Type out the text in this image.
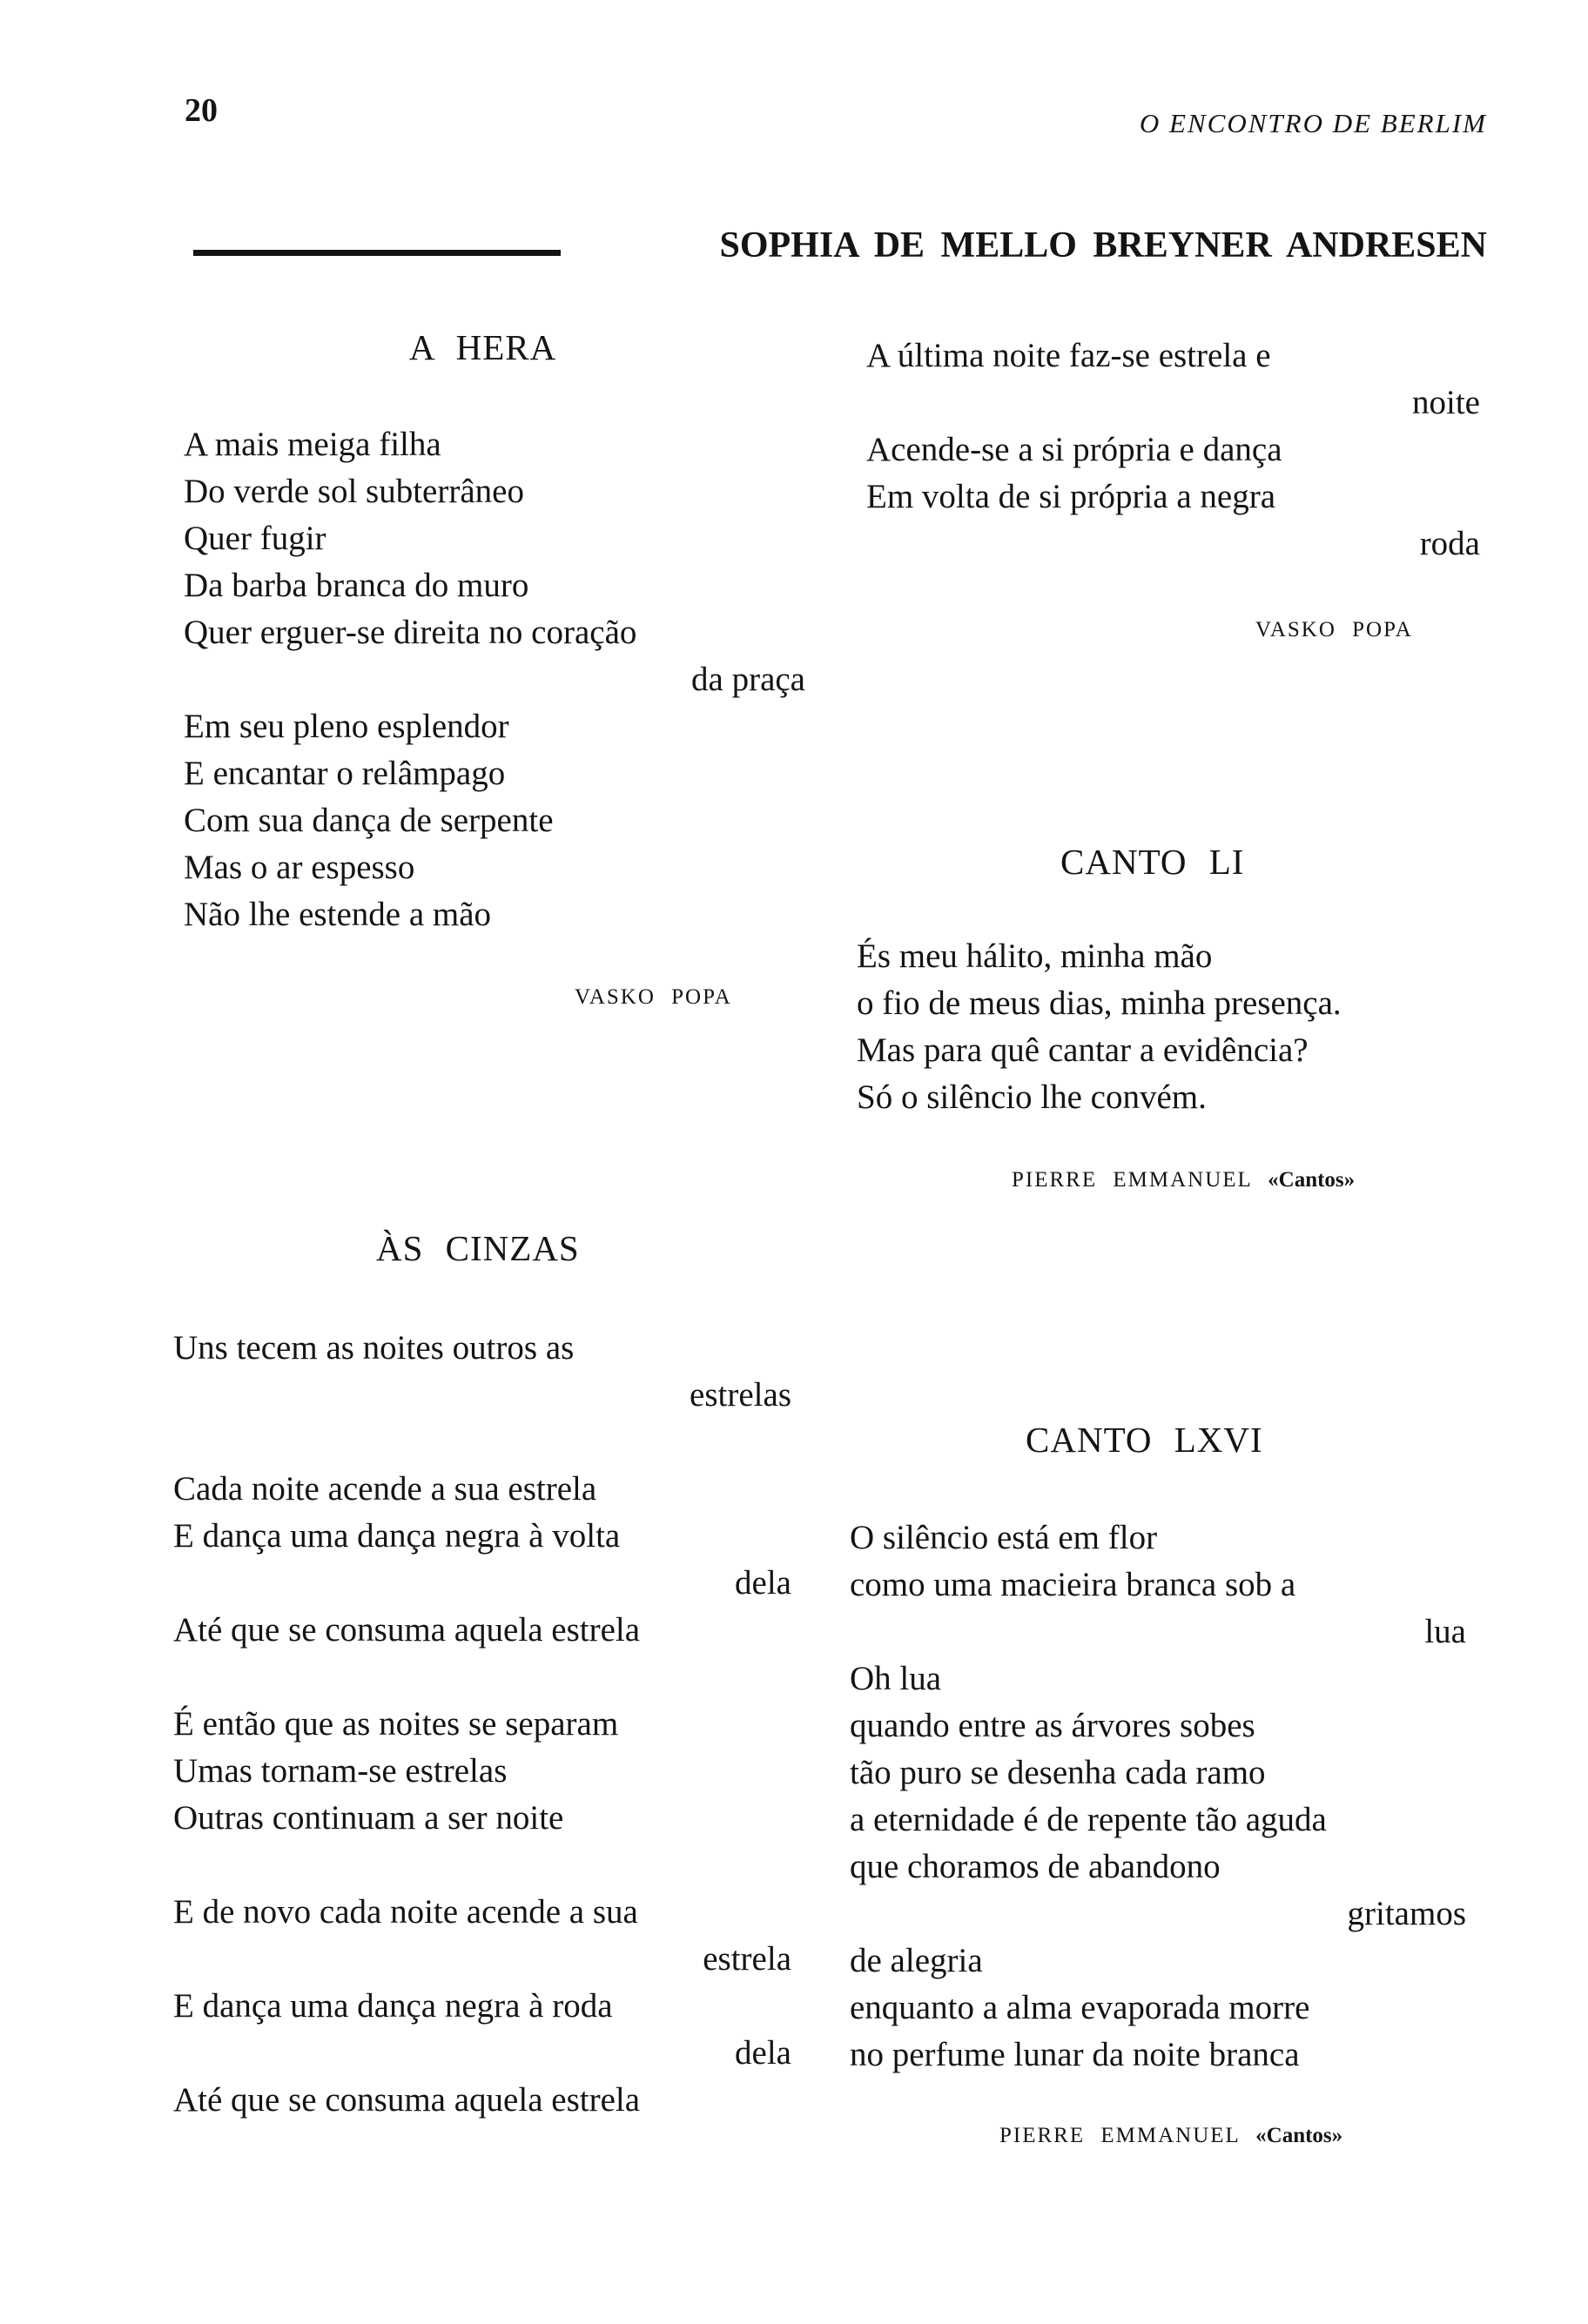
20	O ENCONTRO DE BERLIM
SOPHIA DE MELLO BREYNER ANDRESEN
A HERA
A mais meiga filha
Do verde sol subterrâneo
Quer fugir
Da barba branca do muro
Quer erguer-se direita no coração
da praça
Em seu pleno esplendor
E encantar o relâmpago
Com sua dança de serpente
Mas o ar espesso
Não lhe estende a mão
VASKO POPA
ÀS CINZAS
Uns tecem as noites outros as
estrelas
Cada noite acende a sua estrela
E dança uma dança negra à volta
dela
Até que se consuma aquela estrela
É então que as noites se separam
Umas tornam-se estrelas
Outras continuam a ser noite
E de novo cada noite acende a sua
estrela
E dança uma dança negra à roda
dela
Até que se consuma aquela estrela
A última noite faz-se estrela e
noite
Acende-se a si própria e dança
Em volta de si própria a negra
roda
VASKO POPA
CANTO LI
És meu hálito, minha mão
o fio de meus dias, minha presença.
Mas para quê cantar a evidência?
Só o silêncio lhe convém.
PIERRE EMMANUEL «Cantos»
CANTO LXVI
O silêncio está em flor
como uma macieira branca sob a
lua
Oh lua
quando entre as árvores sobes
tão puro se desenha cada ramo
a eternidade é de repente tão aguda
que choramos de abandono
gritamos
de alegria
enquanto a alma evaporada morre
no perfume lunar da noite branca
PIERRE EMMANUEL «Cantos»
